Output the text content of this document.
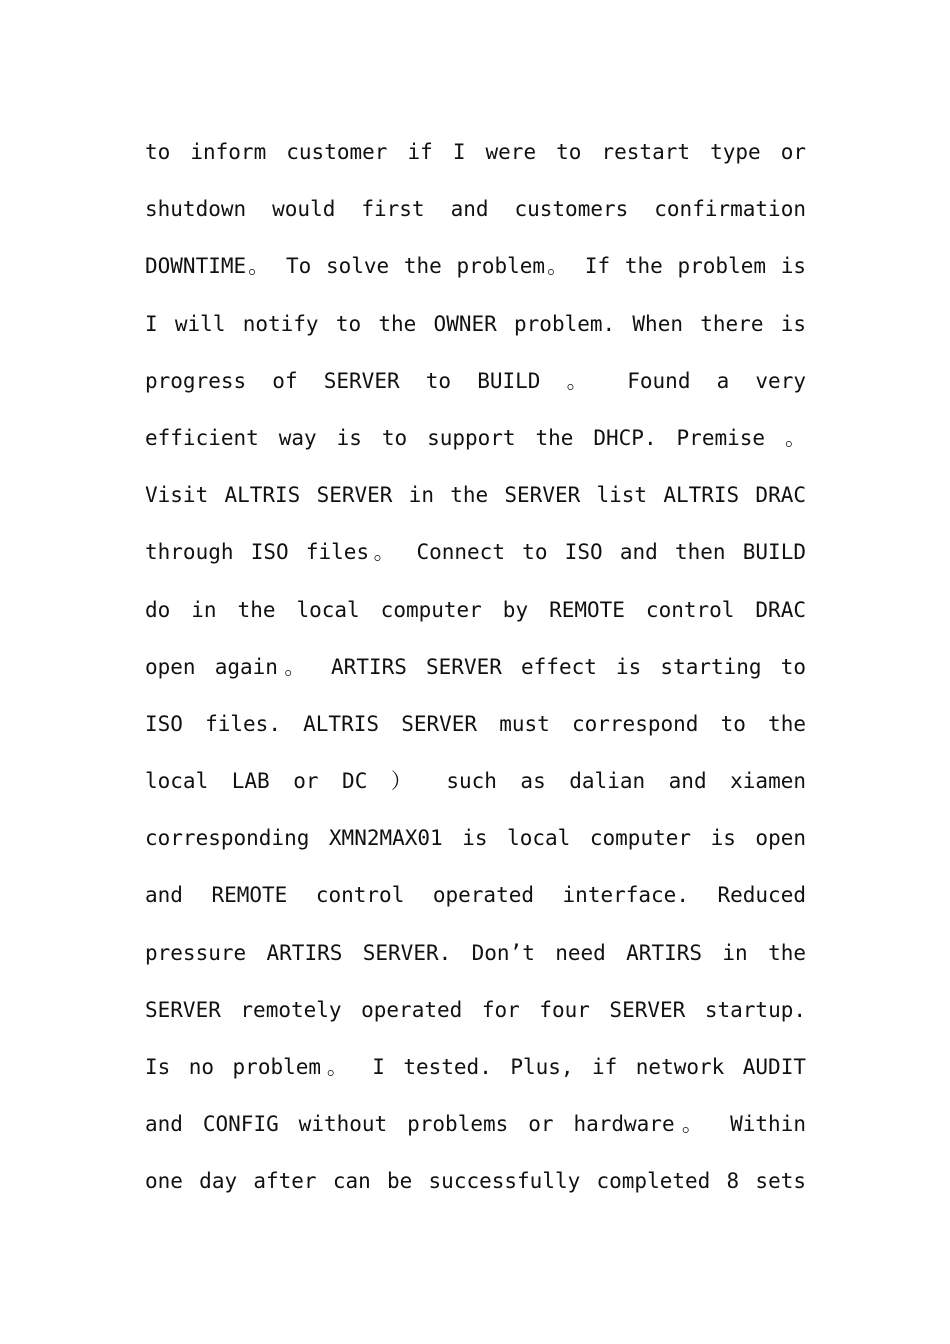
to inform customer if I were to restart type or
shutdown would first and customers confirmation
DOWNTIME。 To solve the problem。 If the problem is
I will notify to the OWNER problem. When there is
progress of SERVER to BUILD 。 Found a very
efficient way is to support the DHCP. Premise 。
Visit ALTRIS SERVER in the SERVER list ALTRIS DRAC
through ISO files。 Connect to ISO and then BUILD
do in the local computer by REMOTE control DRAC
open again。 ARTIRS SERVER effect is starting to
ISO files. ALTRIS SERVER must correspond to the
local LAB or DC ） such as dalian and xiamen
corresponding XMN2MAX01 is local computer is open
and REMOTE control operated interface. Reduced
pressure ARTIRS SERVER. Don’t need ARTIRS in the
SERVER remotely operated for four SERVER startup.
Is no problem。 I tested. Plus, if network AUDIT
and CONFIG without problems or hardware。 Within
one day after can be successfully completed 8 sets
